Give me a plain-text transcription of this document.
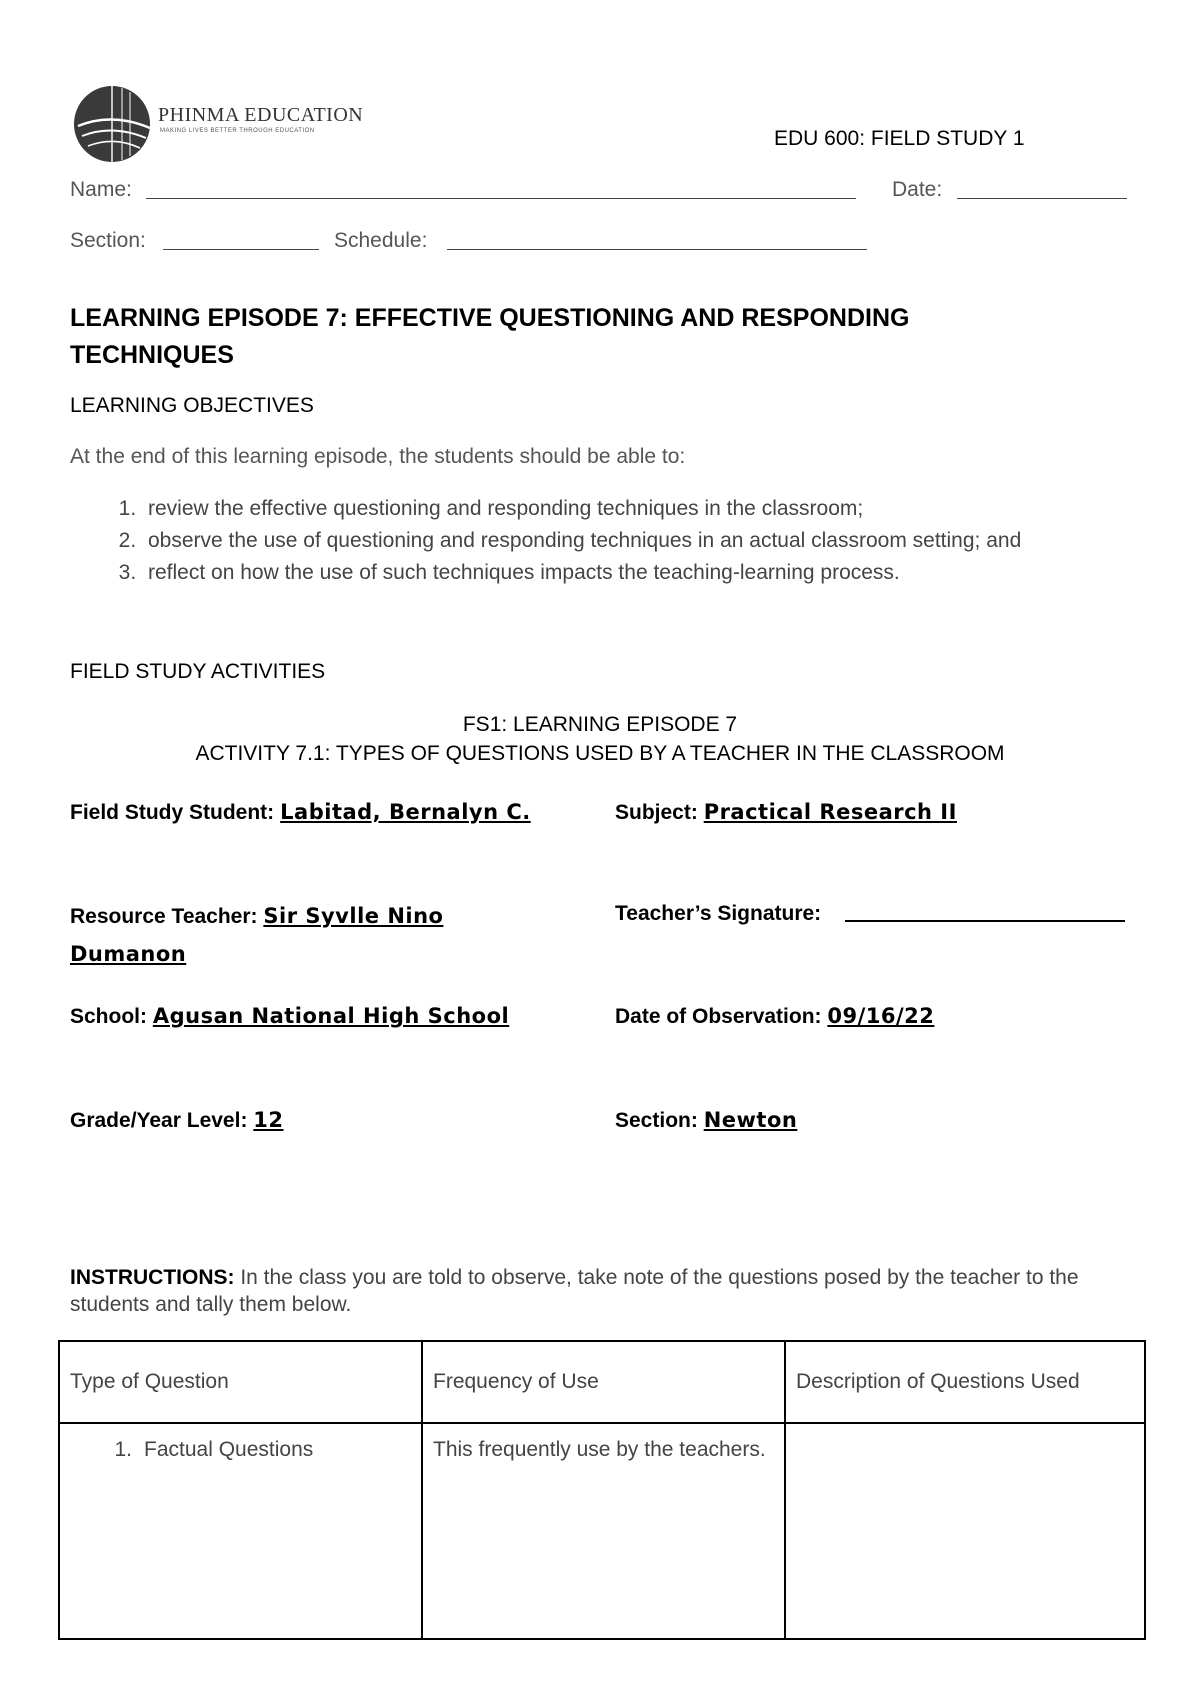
PHINMA EDUCATION
MAKING LIVES BETTER THROUGH EDUCATION	EDU 600: FIELD STUDY 1
Name:	Date:
Section:	Schedule:
LEARNING EPISODE 7: EFFECTIVE QUESTIONING AND RESPONDING TECHNIQUES
LEARNING OBJECTIVES
At the end of this learning episode, the students should be able to:
1. review the effective questioning and responding techniques in the classroom;
2. observe the use of questioning and responding techniques in an actual classroom setting; and
3. reflect on how the use of such techniques impacts the teaching-learning process.
FIELD STUDY ACTIVITIES
FS1: LEARNING EPISODE 7
ACTIVITY 7.1: TYPES OF QUESTIONS USED BY A TEACHER IN THE CLASSROOM
Field Study Student: Labitad, Bernalyn C.	Subject: Practical Research II
Resource Teacher: Sir Syvlle Nino
Dumanon
Teacher’s Signature:
School: Agusan National High School	Date of Observation: 09/16/22
Grade/Year Level: 12	Section: Newton
INSTRUCTIONS: In the class you are told to observe, take note of the questions posed by the teacher to the students and tally them below.
Type of Question	Frequency of Use	Description of Questions Used
1. Factual Questions	This frequently use by the teachers.	
